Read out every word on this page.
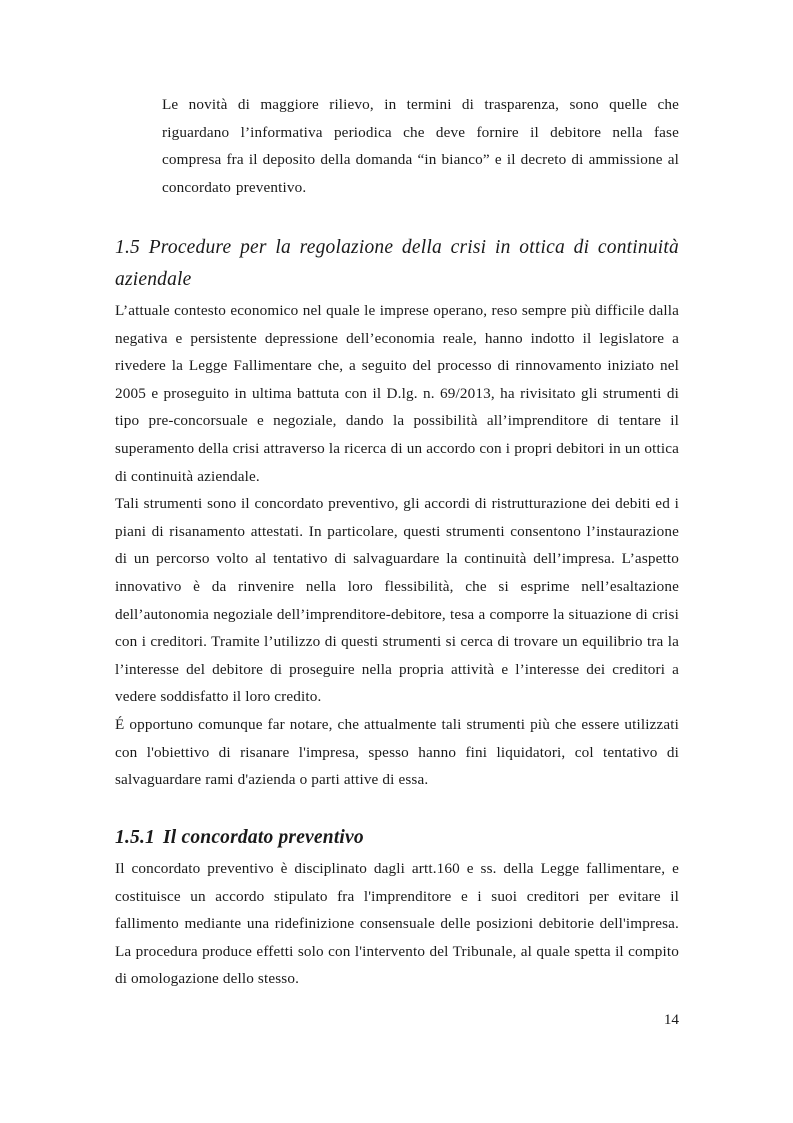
Le novità di maggiore rilievo, in termini di trasparenza, sono quelle che riguardano l’informativa periodica che deve fornire il debitore nella fase compresa fra il deposito della domanda “in bianco” e il decreto di ammissione al concordato preventivo.

1.5 Procedure per la regolazione della crisi in ottica di continuità aziendale

L’attuale contesto economico nel quale le imprese operano, reso sempre più difficile dalla negativa e persistente depressione dell’economia reale, hanno indotto il legislatore a rivedere la Legge Fallimentare che, a seguito del processo di rinnovamento iniziato nel 2005 e proseguito in ultima battuta con il D.lg. n. 69/2013, ha rivisitato gli strumenti di tipo pre-concorsuale e negoziale, dando la possibilità all’imprenditore di tentare il superamento della crisi attraverso la ricerca di un accordo con i propri debitori in un ottica di continuità aziendale.

Tali strumenti sono il concordato preventivo, gli accordi di ristrutturazione dei debiti ed i piani di risanamento attestati. In particolare, questi strumenti consentono l’instaurazione di un percorso volto al tentativo di salvaguardare la continuità dell’impresa. L’aspetto innovativo è da rinvenire nella loro flessibilità, che si esprime nell’esaltazione dell’autonomia negoziale dell’imprenditore-debitore, tesa a comporre la situazione di crisi con i creditori. Tramite l’utilizzo di questi strumenti si cerca di trovare un equilibrio tra la l’interesse del debitore di proseguire nella propria attività e l’interesse dei creditori a vedere soddisfatto il loro credito.

É opportuno comunque far notare, che attualmente tali strumenti più che essere utilizzati con l'obiettivo di risanare l'impresa, spesso hanno fini liquidatori, col tentativo di salvaguardare rami d'azienda o parti attive di essa.

1.5.1 Il concordato preventivo

Il concordato preventivo è disciplinato dagli artt.160 e ss. della Legge fallimentare, e costituisce un accordo stipulato fra l'imprenditore e i suoi creditori per evitare il fallimento mediante una ridefinizione consensuale delle posizioni debitorie dell'impresa. La procedura produce effetti solo con l'intervento del Tribunale, al quale spetta il compito di omologazione dello stesso.

14
